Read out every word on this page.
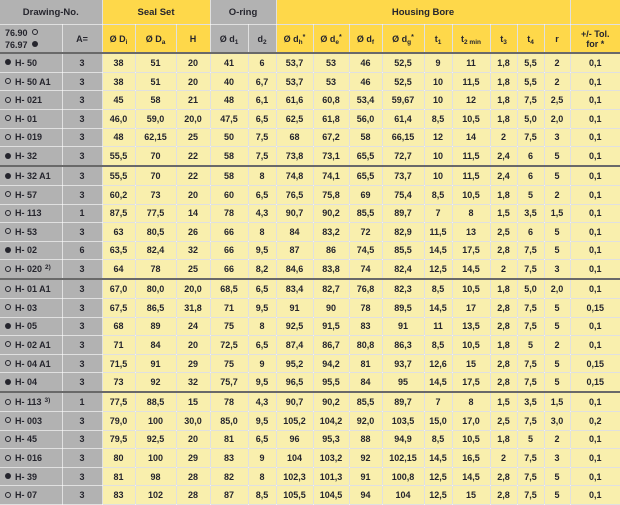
Drawing-No.		Seal Set			O-ring		Housing Bore									

76.90
76.97
	A=	Ø $D_i$	Ø $D_a$	H	Ø $d_1$	$d_2$	Ø $d_h^*$	Ø $d_e^*$	Ø $d_f$	Ø $d_g^*$	$t_1$	$t_{2 min}$	$t_3$	$t_4$	r	+/- Tol.
for *

H- 50	3	38	51	20	41	6	53,7	53	46	52,5	9	11	1,8	5,5	2	0,1
H- 50 A1	3	38	51	20	40	6,7	53,7	53	46	52,5	10	11,5	1,8	5,5	2	0,1
H- 021	3	45	58	21	48	6,1	61,6	60,8	53,4	59,67	10	12	1,8	7,5	2,5	0,1
H- 01	3	46,0	59,0	20,0	47,5	6,5	62,5	61,8	56,0	61,4	8,5	10,5	1,8	5,0	2,0	0,1
H- 019	3	48	62,15	25	50	7,5	68	67,2	58	66,15	12	14	2	7,5	3	0,1
H- 32	3	55,5	70	22	58	7,5	73,8	73,1	65,5	72,7	10	11,5	2,4	6	5	0,1
H- 32 A1	3	55,5	70	22	58	8	74,8	74,1	65,5	73,7	10	11,5	2,4	6	5	0,1
H- 57	3	60,2	73	20	60	6,5	76,5	75,8	69	75,4	8,5	10,5	1,8	5	2	0,1
H- 113	1	87,5	77,5	14	78	4,3	90,7	90,2	85,5	89,7	7	8	1,5	3,5	1,5	0,1
H- 53	3	63	80,5	26	66	8	84	83,2	72	82,9	11,5	13	2,5	6	5	0,1
H- 02	6	63,5	82,4	32	66	9,5	87	86	74,5	85,5	14,5	17,5	2,8	7,5	5	0,1
H- 020 $^{2)}$	3	64	78	25	66	8,2	84,6	83,8	74	82,4	12,5	14,5	2	7,5	3	0,1
H- 01 A1	3	67,0	80,0	20,0	68,5	6,5	83,4	82,7	76,8	82,3	8,5	10,5	1,8	5,0	2,0	0,1
H- 03	3	67,5	86,5	31,8	71	9,5	91	90	78	89,5	14,5	17	2,8	7,5	5	0,15
H- 05	3	68	89	24	75	8	92,5	91,5	83	91	11	13,5	2,8	7,5	5	0,1
H- 02 A1	3	71	84	20	72,5	6,5	87,4	86,7	80,8	86,3	8,5	10,5	1,8	5	2	0,1
H- 04 A1	3	71,5	91	29	75	9	95,2	94,2	81	93,7	12,6	15	2,8	7,5	5	0,15
H- 04	3	73	92	32	75,7	9,5	96,5	95,5	84	95	14,5	17,5	2,8	7,5	5	0,15
H- 113 $^{3)}$	1	77,5	88,5	15	78	4,3	90,7	90,2	85,5	89,7	7	8	1,5	3,5	1,5	0,1
H- 003	3	79,0	100	30,0	85,0	9,5	105,2	104,2	92,0	103,5	15,0	17,0	2,5	7,5	3,0	0,2
H- 45	3	79,5	92,5	20	81	6,5	96	95,3	88	94,9	8,5	10,5	1,8	5	2	0,1
H- 016	3	80	100	29	83	9	104	103,2	92	102,15	14,5	16,5	2	7,5	3	0,1
H- 39	3	81	98	28	82	8	102,3	101,3	91	100,8	12,5	14,5	2,8	7,5	5	0,1
H- 07	3	83	102	28	87	8,5	105,5	104,5	94	104	12,5	15	2,8	7,5	5	0,1
